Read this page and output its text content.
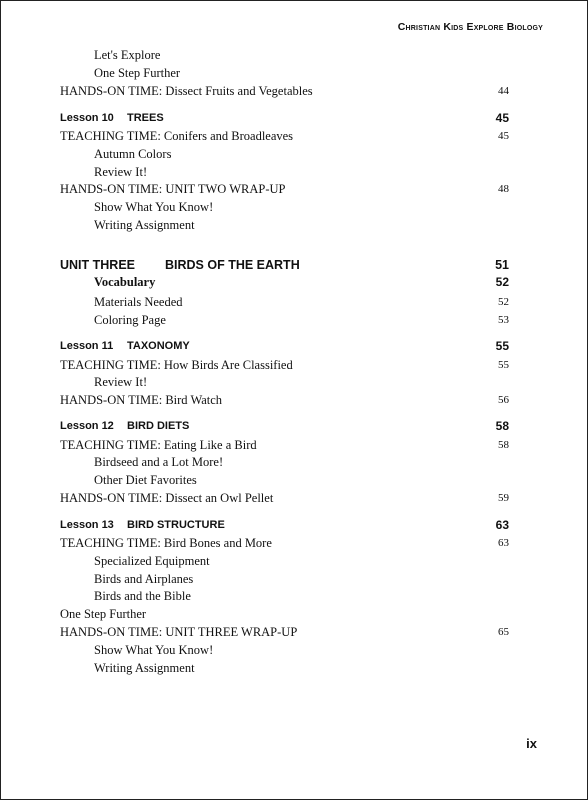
Christian Kids Explore Biology
Let's Explore
One Step Further
HANDS-ON TIME: Dissect Fruits and Vegetables	44
Lesson 10 TREES	45
TEACHING TIME: Conifers and Broadleaves	45
Autumn Colors
Review It!
HANDS-ON TIME: UNIT TWO WRAP-UP	48
Show What You Know!
Writing Assignment
UNIT THREE BIRDS OF THE EARTH	51
Vocabulary	52
Materials Needed	52
Coloring Page	53
Lesson 11 TAXONOMY	55
TEACHING TIME: How Birds Are Classified	55
Review It!
HANDS-ON TIME: Bird Watch	56
Lesson 12 BIRD DIETS	58
TEACHING TIME: Eating Like a Bird	58
Birdseed and a Lot More!
Other Diet Favorites
HANDS-ON TIME: Dissect an Owl Pellet	59
Lesson 13 BIRD STRUCTURE	63
TEACHING TIME: Bird Bones and More	63
Specialized Equipment
Birds and Airplanes
Birds and the Bible
One Step Further
HANDS-ON TIME: UNIT THREE WRAP-UP	65
Show What You Know!
Writing Assignment
ix
